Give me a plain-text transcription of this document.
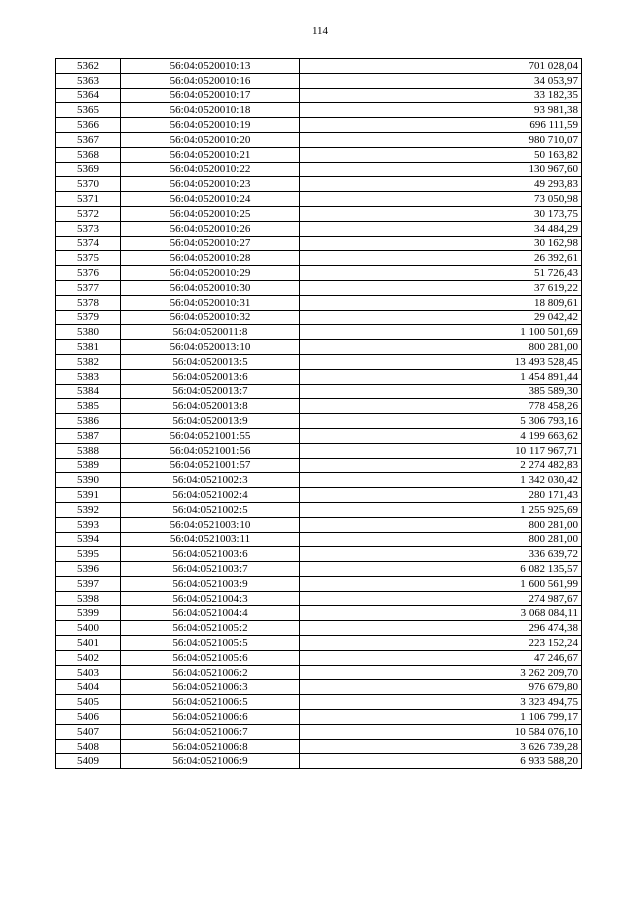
114
5362	56:04:0520010:13	701 028,04
5363	56:04:0520010:16	34 053,97
5364	56:04:0520010:17	33 182,35
5365	56:04:0520010:18	93 981,38
5366	56:04:0520010:19	696 111,59
5367	56:04:0520010:20	980 710,07
5368	56:04:0520010:21	50 163,82
5369	56:04:0520010:22	130 967,60
5370	56:04:0520010:23	49 293,83
5371	56:04:0520010:24	73 050,98
5372	56:04:0520010:25	30 173,75
5373	56:04:0520010:26	34 484,29
5374	56:04:0520010:27	30 162,98
5375	56:04:0520010:28	26 392,61
5376	56:04:0520010:29	51 726,43
5377	56:04:0520010:30	37 619,22
5378	56:04:0520010:31	18 809,61
5379	56:04:0520010:32	29 042,42
5380	56:04:0520011:8	1 100 501,69
5381	56:04:0520013:10	800 281,00
5382	56:04:0520013:5	13 493 528,45
5383	56:04:0520013:6	1 454 891,44
5384	56:04:0520013:7	385 589,30
5385	56:04:0520013:8	778 458,26
5386	56:04:0520013:9	5 306 793,16
5387	56:04:0521001:55	4 199 663,62
5388	56:04:0521001:56	10 117 967,71
5389	56:04:0521001:57	2 274 482,83
5390	56:04:0521002:3	1 342 030,42
5391	56:04:0521002:4	280 171,43
5392	56:04:0521002:5	1 255 925,69
5393	56:04:0521003:10	800 281,00
5394	56:04:0521003:11	800 281,00
5395	56:04:0521003:6	336 639,72
5396	56:04:0521003:7	6 082 135,57
5397	56:04:0521003:9	1 600 561,99
5398	56:04:0521004:3	274 987,67
5399	56:04:0521004:4	3 068 084,11
5400	56:04:0521005:2	296 474,38
5401	56:04:0521005:5	223 152,24
5402	56:04:0521005:6	47 246,67
5403	56:04:0521006:2	3 262 209,70
5404	56:04:0521006:3	976 679,80
5405	56:04:0521006:5	3 323 494,75
5406	56:04:0521006:6	1 106 799,17
5407	56:04:0521006:7	10 584 076,10
5408	56:04:0521006:8	3 626 739,28
5409	56:04:0521006:9	6 933 588,20
